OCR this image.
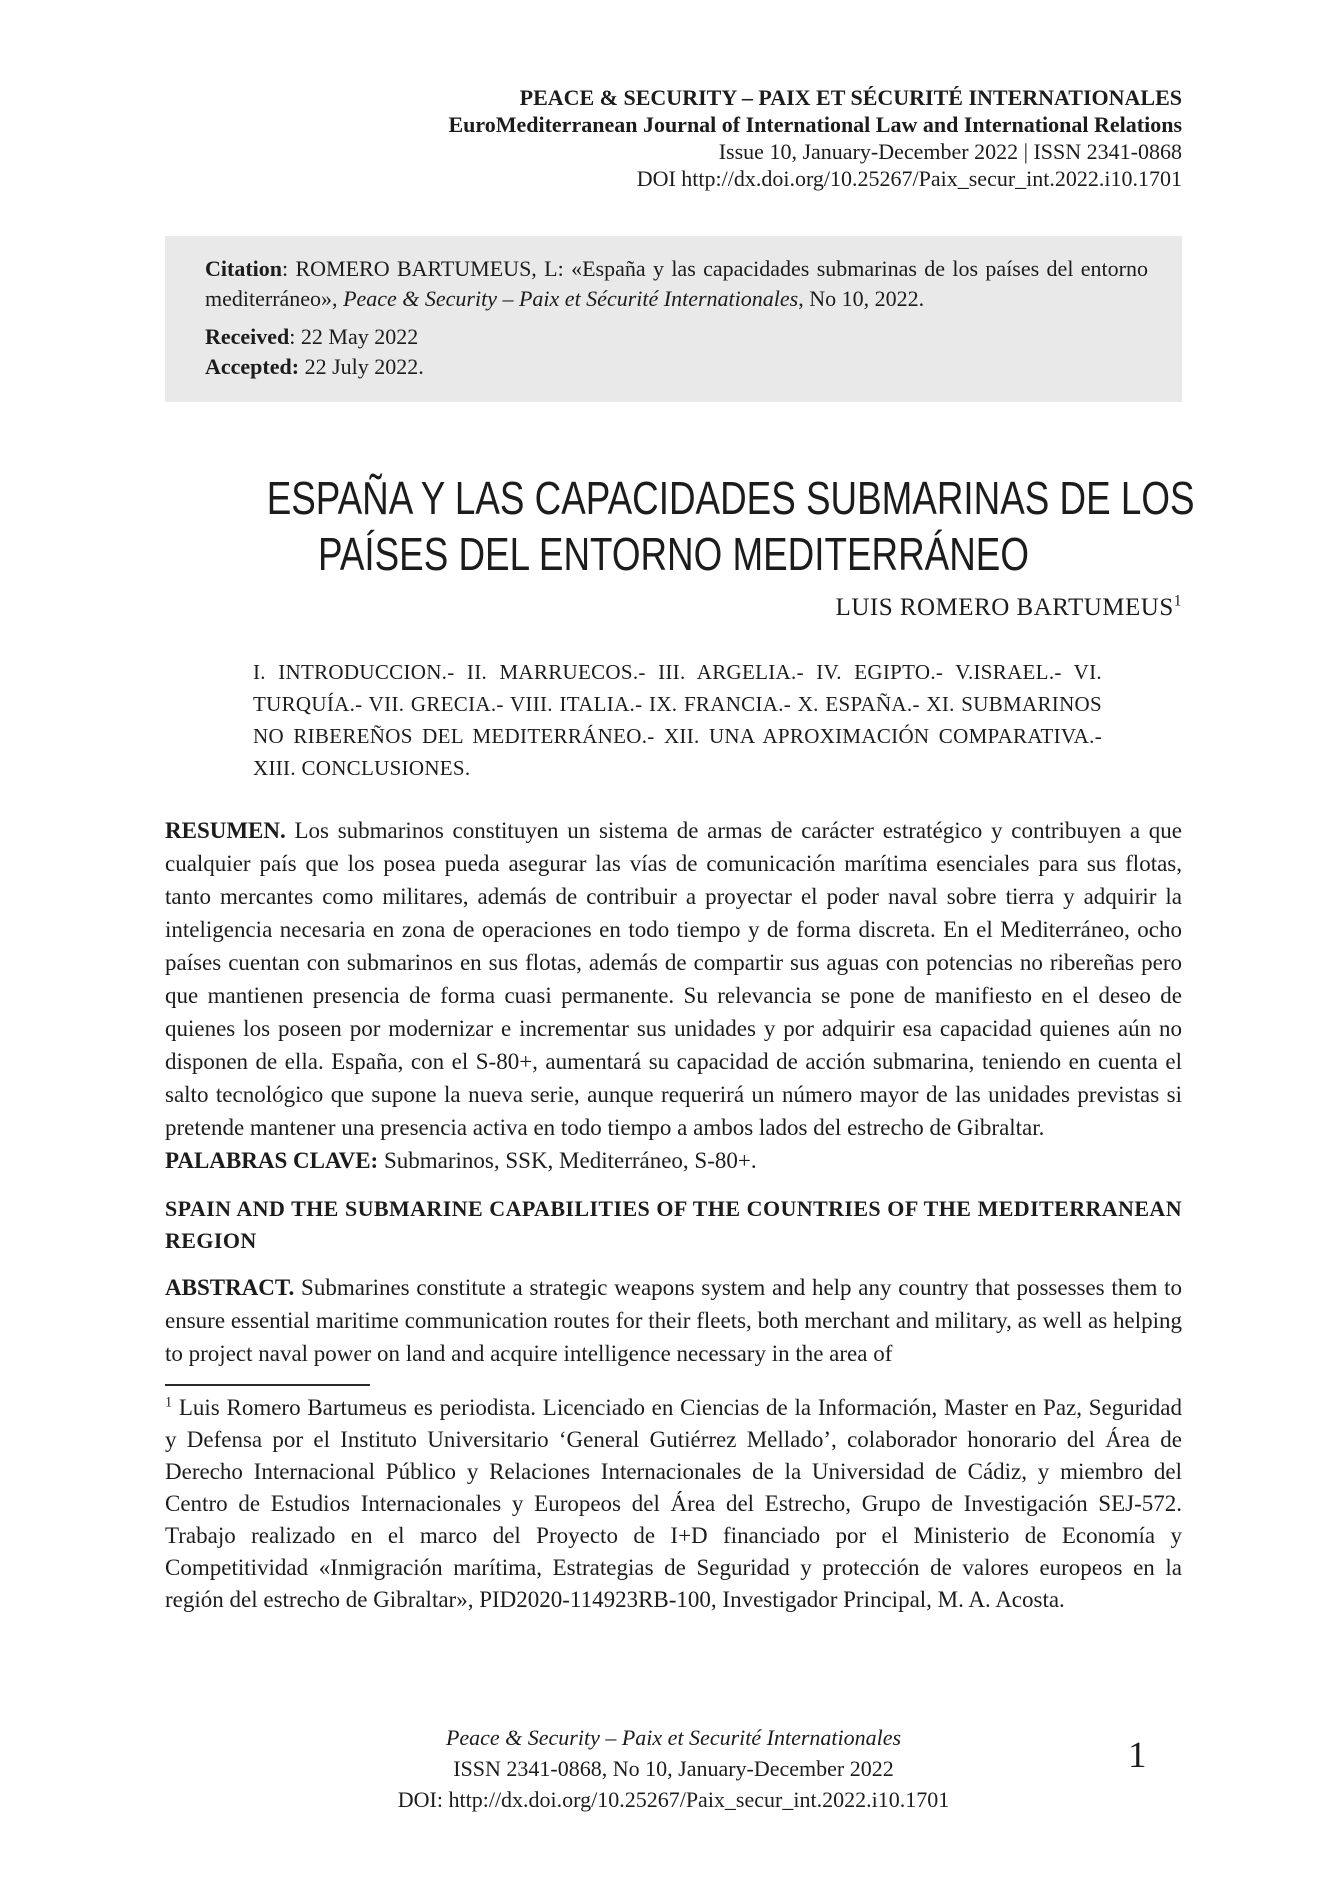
PEACE & SECURITY – PAIX ET SÉCURITÉ INTERNATIONALES
EuroMediterranean Journal of International Law and International Relations
Issue 10, January-December 2022 | ISSN 2341-0868
DOI http://dx.doi.org/10.25267/Paix_secur_int.2022.i10.1701
Citation: ROMERO BARTUMEUS, L: «España y las capacidades submarinas de los países del entorno mediterráneo», Peace & Security – Paix et Sécurité Internationales, No 10, 2022.
Received: 22 May 2022
Accepted: 22 July 2022.
ESPAÑA Y LAS CAPACIDADES SUBMARINAS DE LOS
PAÍSES DEL ENTORNO MEDITERRÁNEO
LUIS ROMERO BARTUMEUS$^1$
I. INTRODUCCION.- II. MARRUECOS.- III. ARGELIA.- IV. EGIPTO.- V.ISRAEL.- VI. TURQUÍA.- VII. GRECIA.- VIII. ITALIA.- IX. FRANCIA.- X. ESPAÑA.- XI. SUBMARINOS NO RIBEREÑOS DEL MEDITERRÁNEO.- XII. UNA APROXIMACIÓN COMPARATIVA.- XIII. CONCLUSIONES.
RESUMEN. Los submarinos constituyen un sistema de armas de carácter estratégico y contribuyen a que cualquier país que los posea pueda asegurar las vías de comunicación marítima esenciales para sus flotas, tanto mercantes como militares, además de contribuir a proyectar el poder naval sobre tierra y adquirir la inteligencia necesaria en zona de operaciones en todo tiempo y de forma discreta. En el Mediterráneo, ocho países cuentan con submarinos en sus flotas, además de compartir sus aguas con potencias no ribereñas pero que mantienen presencia de forma cuasi permanente. Su relevancia se pone de manifiesto en el deseo de quienes los poseen por modernizar e incrementar sus unidades y por adquirir esa capacidad quienes aún no disponen de ella. España, con el S-80+, aumentará su capacidad de acción submarina, teniendo en cuenta el salto tecnológico que supone la nueva serie, aunque requerirá un número mayor de las unidades previstas si pretende mantener una presencia activa en todo tiempo a ambos lados del estrecho de Gibraltar.
PALABRAS CLAVE: Submarinos, SSK, Mediterráneo, S-80+.
SPAIN AND THE SUBMARINE CAPABILITIES OF THE COUNTRIES OF THE MEDITERRANEAN REGION
ABSTRACT. Submarines constitute a strategic weapons system and help any country that possesses them to ensure essential maritime communication routes for their fleets, both merchant and military, as well as helping to project naval power on land and acquire intelligence necessary in the area of
$^1$ Luis Romero Bartumeus es periodista. Licenciado en Ciencias de la Información, Master en Paz, Seguridad y Defensa por el Instituto Universitario ‘General Gutiérrez Mellado’, colaborador honorario del Área de Derecho Internacional Público y Relaciones Internacionales de la Universidad de Cádiz, y miembro del Centro de Estudios Internacionales y Europeos del Área del Estrecho, Grupo de Investigación SEJ-572. Trabajo realizado en el marco del Proyecto de I+D financiado por el Ministerio de Economía y Competitividad «Inmigración marítima, Estrategias de Seguridad y protección de valores europeos en la región del estrecho de Gibraltar», PID2020-114923RB-100, Investigador Principal, M. A. Acosta.
Peace & Security – Paix et Securité Internationales
ISSN 2341-0868, No 10, January-December 2022
DOI: http://dx.doi.org/10.25267/Paix_secur_int.2022.i10.1701
1
